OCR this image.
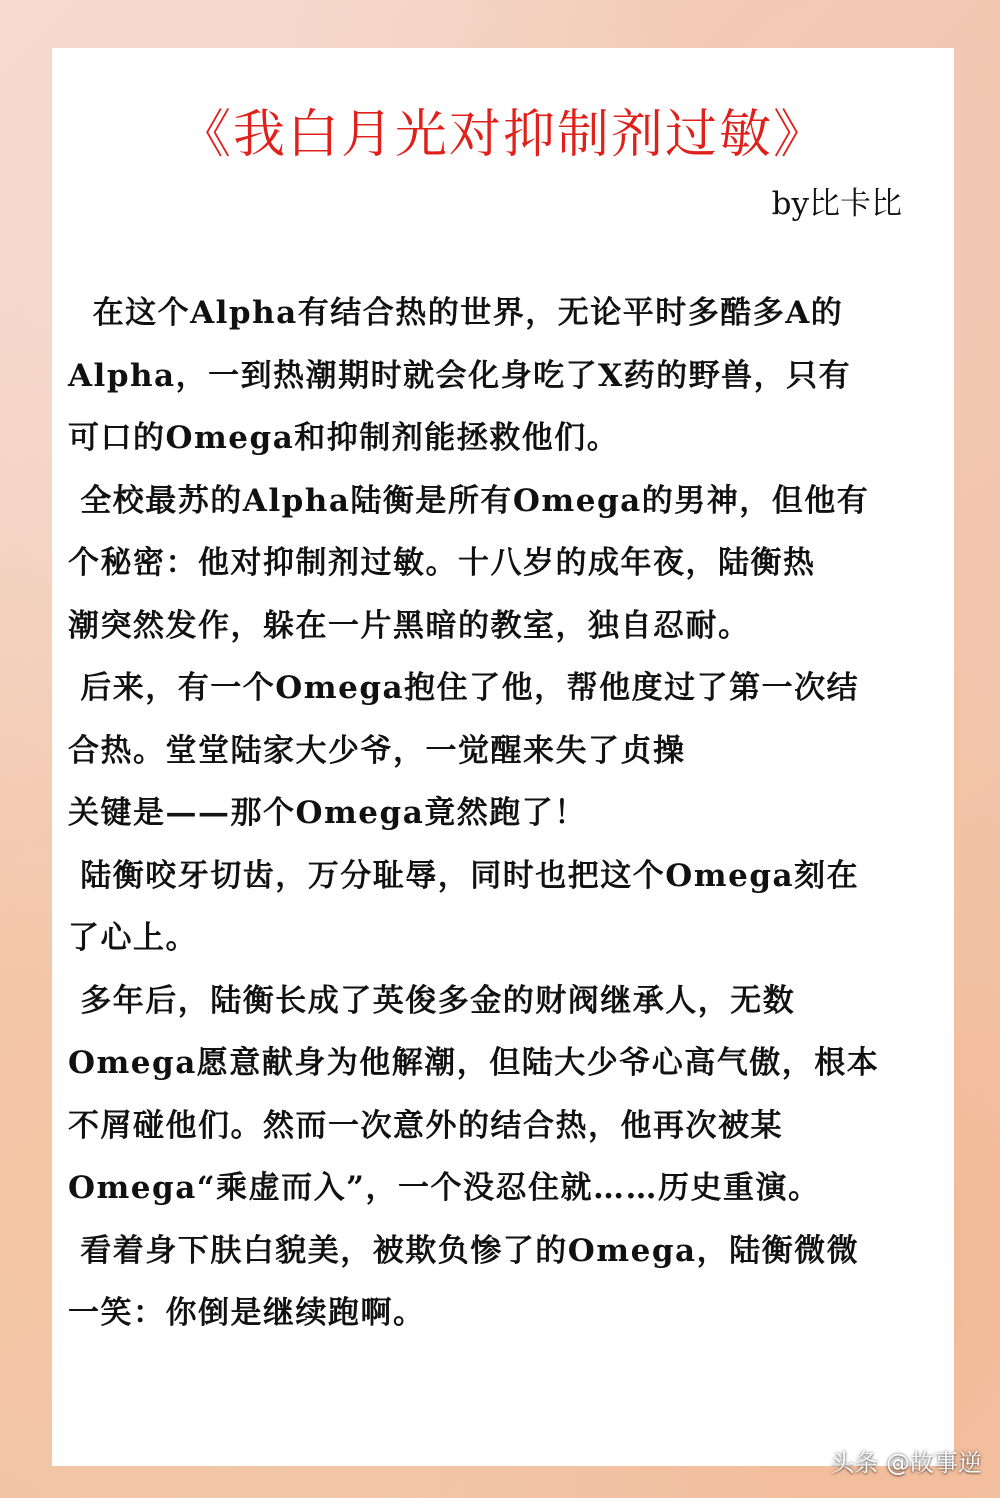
《我白月光对抑制剂过敏》
by比卡比

在这个Alpha有结合热的世界，无论平时多酷多A的

Alpha，一到热潮期时就会化身吃了X药的野兽，只有

可口的Omega和抑制剂能拯救他们。

全校最苏的Alpha陆衡是所有Omega的男神，但他有

个秘密：他对抑制剂过敏。十八岁的成年夜，陆衡热

潮突然发作，躲在一片黑暗的教室，独自忍耐。

后来，有一个Omega抱住了他，帮他度过了第一次结

合热。堂堂陆家大少爷，一觉醒来失了贞操

关键是——那个Omega竟然跑了！

陆衡咬牙切齿，万分耻辱，同时也把这个Omega刻在

了心上。

多年后，陆衡长成了英俊多金的财阀继承人，无数

Omega愿意献身为他解潮，但陆大少爷心高气傲，根本

不屑碰他们。然而一次意外的结合热，他再次被某

Omega“乘虚而入”，一个没忍住就……历史重演。

看着身下肤白貌美，被欺负惨了的Omega，陆衡微微

一笑：你倒是继续跑啊。

头条 @故事逆
